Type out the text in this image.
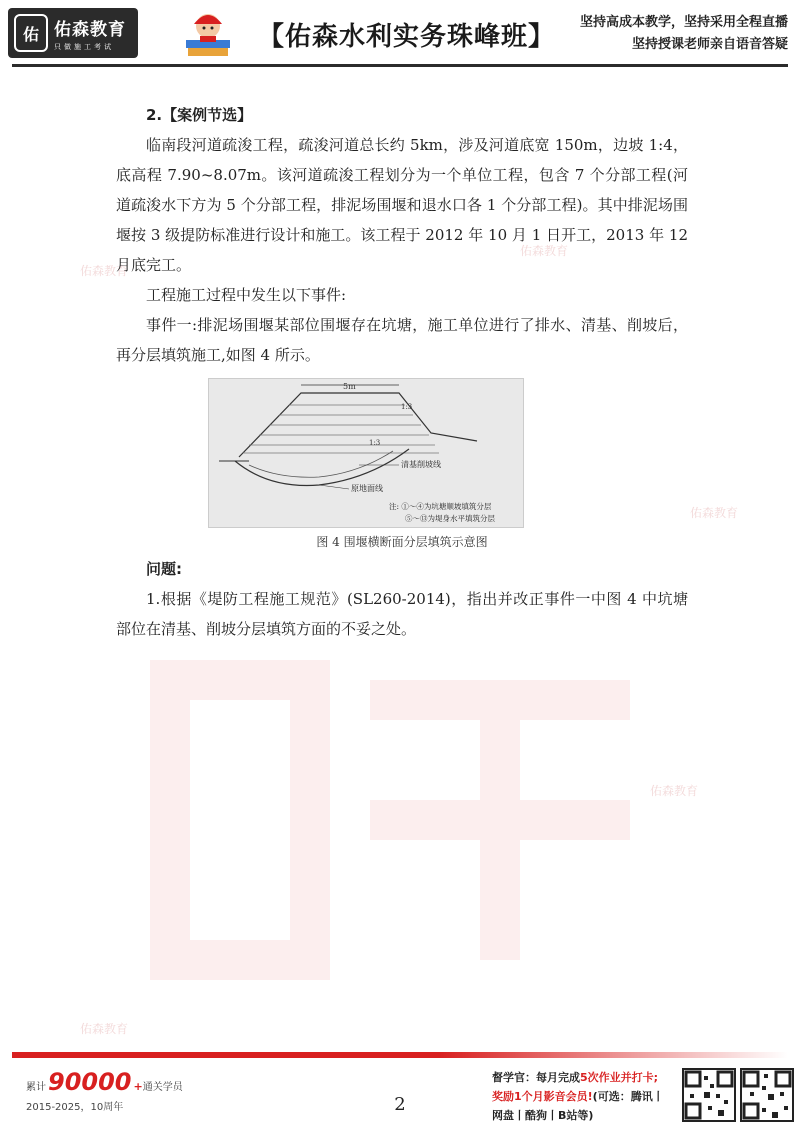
佑 佑森教育
只做施工考试	【佑森水利实务珠峰班】 坚持高成本教学，坚持采用全程直播
坚持授课老师亲自语音答疑
佑森教育
佑森教育
佑森教育
佑森教育
佑森教育
2.【案例节选】

临南段河道疏浚工程，疏浚河道总长约 5km，涉及河道底宽 150m，边坡 1:4，底高程 7.90~8.07m。该河道疏浚工程划分为一个单位工程，包含 7 个分部工程(河道疏浚水下方为 5 个分部工程，排泥场围堰和退水口各 1 个分部工程)。其中排泥场围堰按 3 级提防标准进行设计和施工。该工程于 2012 年 10 月 1 日开工，2013 年 12 月底完工。

工程施工过程中发生以下事件:

事件一:排泥场围堰某部位围堰存在坑塘，施工单位进行了排水、清基、削坡后，再分层填筑施工,如图 4 所示。

5m
1:3
1:3
清基削坡线
原地面线
注: ①～④为坑塘顺坡填筑分层
⑤～⑬为堤身水平填筑分层
图 4 围堰横断面分层填筑示意图
问题:

1.根据《堤防工程施工规范》(SL260-2014)，指出并改正事件一中图 4 中坑塘部位在清基、削坡分层填筑方面的不妥之处。

累计 90000 + 通关学员
2015-2025，10周年	2
督学官：每月完成5次作业并打卡;
奖励1个月影音会员!(可选：腾讯丨
网盘丨酷狗丨B站等)
